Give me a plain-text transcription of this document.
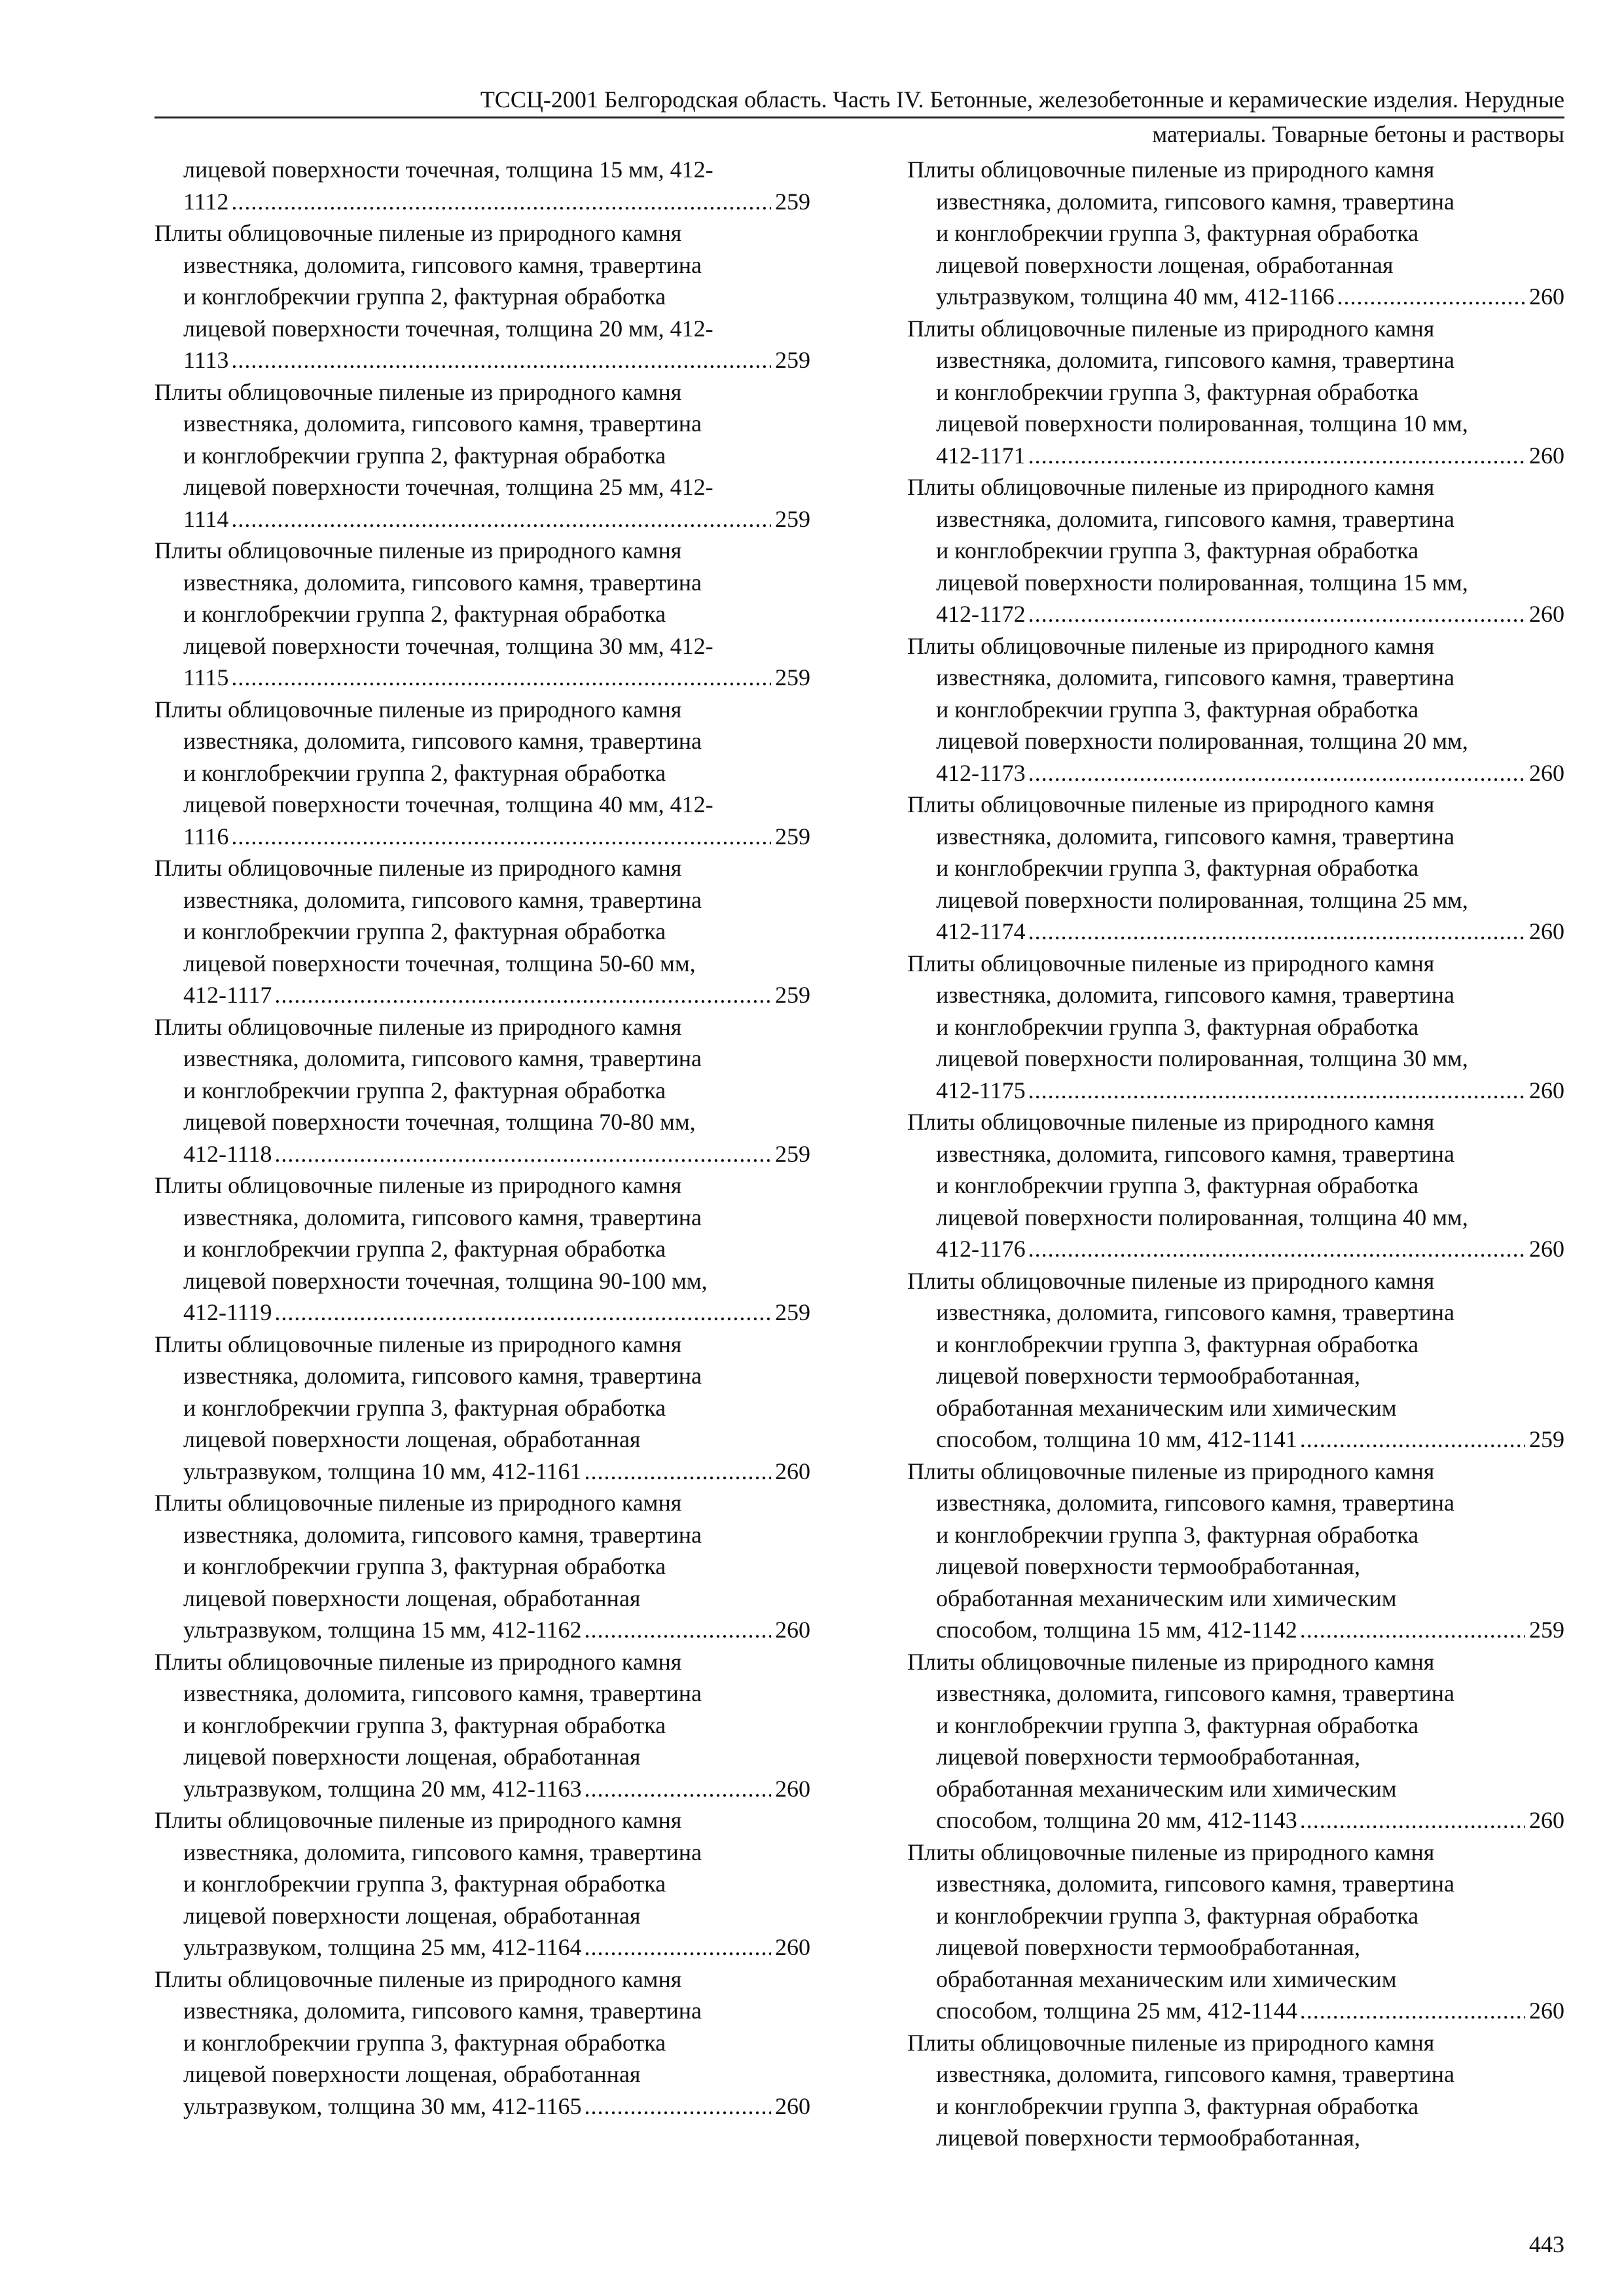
ТССЦ-2001 Белгородская область. Часть IV. Бетонные, железобетонные и керамические изделия. Нерудные
материалы. Товарные бетоны и растворы
лицевой поверхности точечная, толщина 15 мм, 412-
1112 .....	259
Плиты облицовочные пиленые из природного камня
известняка, доломита, гипсового камня, травертина
и конглобрекчии группа 2, фактурная обработка
лицевой поверхности точечная, толщина 20 мм, 412-
1113 .....	259
Плиты облицовочные пиленые из природного камня
известняка, доломита, гипсового камня, травертина
и конглобрекчии группа 2, фактурная обработка
лицевой поверхности точечная, толщина 25 мм, 412-
1114 .....	259
Плиты облицовочные пиленые из природного камня
известняка, доломита, гипсового камня, травертина
и конглобрекчии группа 2, фактурная обработка
лицевой поверхности точечная, толщина 30 мм, 412-
1115 .....	259
Плиты облицовочные пиленые из природного камня
известняка, доломита, гипсового камня, травертина
и конглобрекчии группа 2, фактурная обработка
лицевой поверхности точечная, толщина 40 мм, 412-
1116 .....	259
Плиты облицовочные пиленые из природного камня
известняка, доломита, гипсового камня, травертина
и конглобрекчии группа 2, фактурная обработка
лицевой поверхности точечная, толщина 50-60 мм,
412-1117 .....	259
Плиты облицовочные пиленые из природного камня
известняка, доломита, гипсового камня, травертина
и конглобрекчии группа 2, фактурная обработка
лицевой поверхности точечная, толщина 70-80 мм,
412-1118 .....	259
Плиты облицовочные пиленые из природного камня
известняка, доломита, гипсового камня, травертина
и конглобрекчии группа 2, фактурная обработка
лицевой поверхности точечная, толщина 90-100 мм,
412-1119 .....	259
Плиты облицовочные пиленые из природного камня
известняка, доломита, гипсового камня, травертина
и конглобрекчии группа 3, фактурная обработка
лицевой поверхности лощеная, обработанная
ультразвуком, толщина 10 мм, 412-1161 .....	260
Плиты облицовочные пиленые из природного камня
известняка, доломита, гипсового камня, травертина
и конглобрекчии группа 3, фактурная обработка
лицевой поверхности лощеная, обработанная
ультразвуком, толщина 15 мм, 412-1162 .....	260
Плиты облицовочные пиленые из природного камня
известняка, доломита, гипсового камня, травертина
и конглобрекчии группа 3, фактурная обработка
лицевой поверхности лощеная, обработанная
ультразвуком, толщина 20 мм, 412-1163 .....	260
Плиты облицовочные пиленые из природного камня
известняка, доломита, гипсового камня, травертина
и конглобрекчии группа 3, фактурная обработка
лицевой поверхности лощеная, обработанная
ультразвуком, толщина 25 мм, 412-1164 .....	260
Плиты облицовочные пиленые из природного камня
известняка, доломита, гипсового камня, травертина
и конглобрекчии группа 3, фактурная обработка
лицевой поверхности лощеная, обработанная
ультразвуком, толщина 30 мм, 412-1165 .....	260
Плиты облицовочные пиленые из природного камня
известняка, доломита, гипсового камня, травертина
и конглобрекчии группа 3, фактурная обработка
лицевой поверхности лощеная, обработанная
ультразвуком, толщина 40 мм, 412-1166 .....	260
Плиты облицовочные пиленые из природного камня
известняка, доломита, гипсового камня, травертина
и конглобрекчии группа 3, фактурная обработка
лицевой поверхности полированная, толщина 10 мм,
412-1171 .....	260
Плиты облицовочные пиленые из природного камня
известняка, доломита, гипсового камня, травертина
и конглобрекчии группа 3, фактурная обработка
лицевой поверхности полированная, толщина 15 мм,
412-1172 .....	260
Плиты облицовочные пиленые из природного камня
известняка, доломита, гипсового камня, травертина
и конглобрекчии группа 3, фактурная обработка
лицевой поверхности полированная, толщина 20 мм,
412-1173 .....	260
Плиты облицовочные пиленые из природного камня
известняка, доломита, гипсового камня, травертина
и конглобрекчии группа 3, фактурная обработка
лицевой поверхности полированная, толщина 25 мм,
412-1174 .....	260
Плиты облицовочные пиленые из природного камня
известняка, доломита, гипсового камня, травертина
и конглобрекчии группа 3, фактурная обработка
лицевой поверхности полированная, толщина 30 мм,
412-1175 .....	260
Плиты облицовочные пиленые из природного камня
известняка, доломита, гипсового камня, травертина
и конглобрекчии группа 3, фактурная обработка
лицевой поверхности полированная, толщина 40 мм,
412-1176 .....	260
Плиты облицовочные пиленые из природного камня
известняка, доломита, гипсового камня, травертина
и конглобрекчии группа 3, фактурная обработка
лицевой поверхности термообработанная,
обработанная механическим или химическим
способом, толщина 10 мм, 412-1141 .....	259
Плиты облицовочные пиленые из природного камня
известняка, доломита, гипсового камня, травертина
и конглобрекчии группа 3, фактурная обработка
лицевой поверхности термообработанная,
обработанная механическим или химическим
способом, толщина 15 мм, 412-1142 .....	259
Плиты облицовочные пиленые из природного камня
известняка, доломита, гипсового камня, травертина
и конглобрекчии группа 3, фактурная обработка
лицевой поверхности термообработанная,
обработанная механическим или химическим
способом, толщина 20 мм, 412-1143 .....	260
Плиты облицовочные пиленые из природного камня
известняка, доломита, гипсового камня, травертина
и конглобрекчии группа 3, фактурная обработка
лицевой поверхности термообработанная,
обработанная механическим или химическим
способом, толщина 25 мм, 412-1144 .....	260
Плиты облицовочные пиленые из природного камня
известняка, доломита, гипсового камня, травертина
и конглобрекчии группа 3, фактурная обработка
лицевой поверхности термообработанная,
443
